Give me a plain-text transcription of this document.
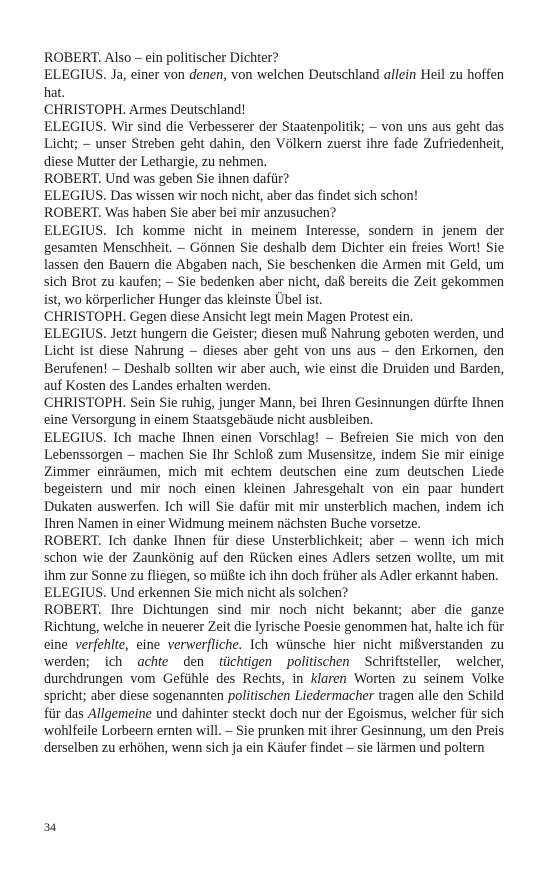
ROBERT. Also – ein politischer Dichter?

ELEGIUS. Ja, einer von denen, von welchen Deutschland allein Heil zu hoffen hat.

CHRISTOPH. Armes Deutschland!

ELEGIUS. Wir sind die Verbesserer der Staatenpolitik; – von uns aus geht das Licht; – unser Streben geht dahin, den Völkern zuerst ihre fade Zufriedenheit, diese Mutter der Lethargie, zu nehmen.

ROBERT. Und was geben Sie ihnen dafür?

ELEGIUS. Das wissen wir noch nicht, aber das findet sich schon!

ROBERT. Was haben Sie aber bei mir anzusuchen?

ELEGIUS. Ich komme nicht in meinem Interesse, sondern in jenem der gesamten Menschheit. – Gönnen Sie deshalb dem Dichter ein freies Wort! Sie lassen den Bauern die Abgaben nach, Sie beschenken die Armen mit Geld, um sich Brot zu kaufen; – Sie bedenken aber nicht, daß bereits die Zeit gekommen ist, wo körperlicher Hunger das kleinste Übel ist.

CHRISTOPH. Gegen diese Ansicht legt mein Magen Protest ein.

ELEGIUS. Jetzt hungern die Geister; diesen muß Nahrung geboten werden, und Licht ist diese Nahrung – dieses aber geht von uns aus – den Erkornen, den Berufenen! – Deshalb sollten wir aber auch, wie einst die Druiden und Barden, auf Kosten des Landes erhalten werden.

CHRISTOPH. Sein Sie ruhig, junger Mann, bei Ihren Gesinnungen dürfte Ihnen eine Versorgung in einem Staatsgebäude nicht ausbleiben.

ELEGIUS. Ich mache Ihnen einen Vorschlag! – Befreien Sie mich von den Lebenssorgen – machen Sie Ihr Schloß zum Musensitze, indem Sie mir einige Zimmer einräumen, mich mit echtem deutschen eine zum deutschen Liede begeistern und mir noch einen kleinen Jahresgehalt von ein paar hundert Dukaten auswerfen. Ich will Sie dafür mit mir unsterblich machen, indem ich Ihren Namen in einer Widmung meinem nächsten Buche vorsetze.

ROBERT. Ich danke Ihnen für diese Unsterblichkeit; aber – wenn ich mich schon wie der Zaunkönig auf den Rücken eines Adlers setzen wollte, um mit ihm zur Sonne zu fliegen, so müßte ich ihn doch früher als Adler erkannt haben.

ELEGIUS. Und erkennen Sie mich nicht als solchen?

ROBERT. Ihre Dichtungen sind mir noch nicht bekannt; aber die ganze Richtung, welche in neuerer Zeit die lyrische Poesie genommen hat, halte ich für eine verfehlte, eine verwerfliche. Ich wünsche hier nicht mißverstanden zu werden; ich achte den tüchtigen politischen Schriftsteller, welcher, durchdrungen vom Gefühle des Rechts, in klaren Worten zu seinem Volke spricht; aber diese sogenannten politischen Liedermacher tragen alle den Schild für das Allgemeine und dahinter steckt doch nur der Egoismus, welcher für sich wohlfeile Lorbeern ernten will. – Sie prunken mit ihrer Gesinnung, um den Preis derselben zu erhöhen, wenn sich ja ein Käufer findet – sie lärmen und poltern

34
